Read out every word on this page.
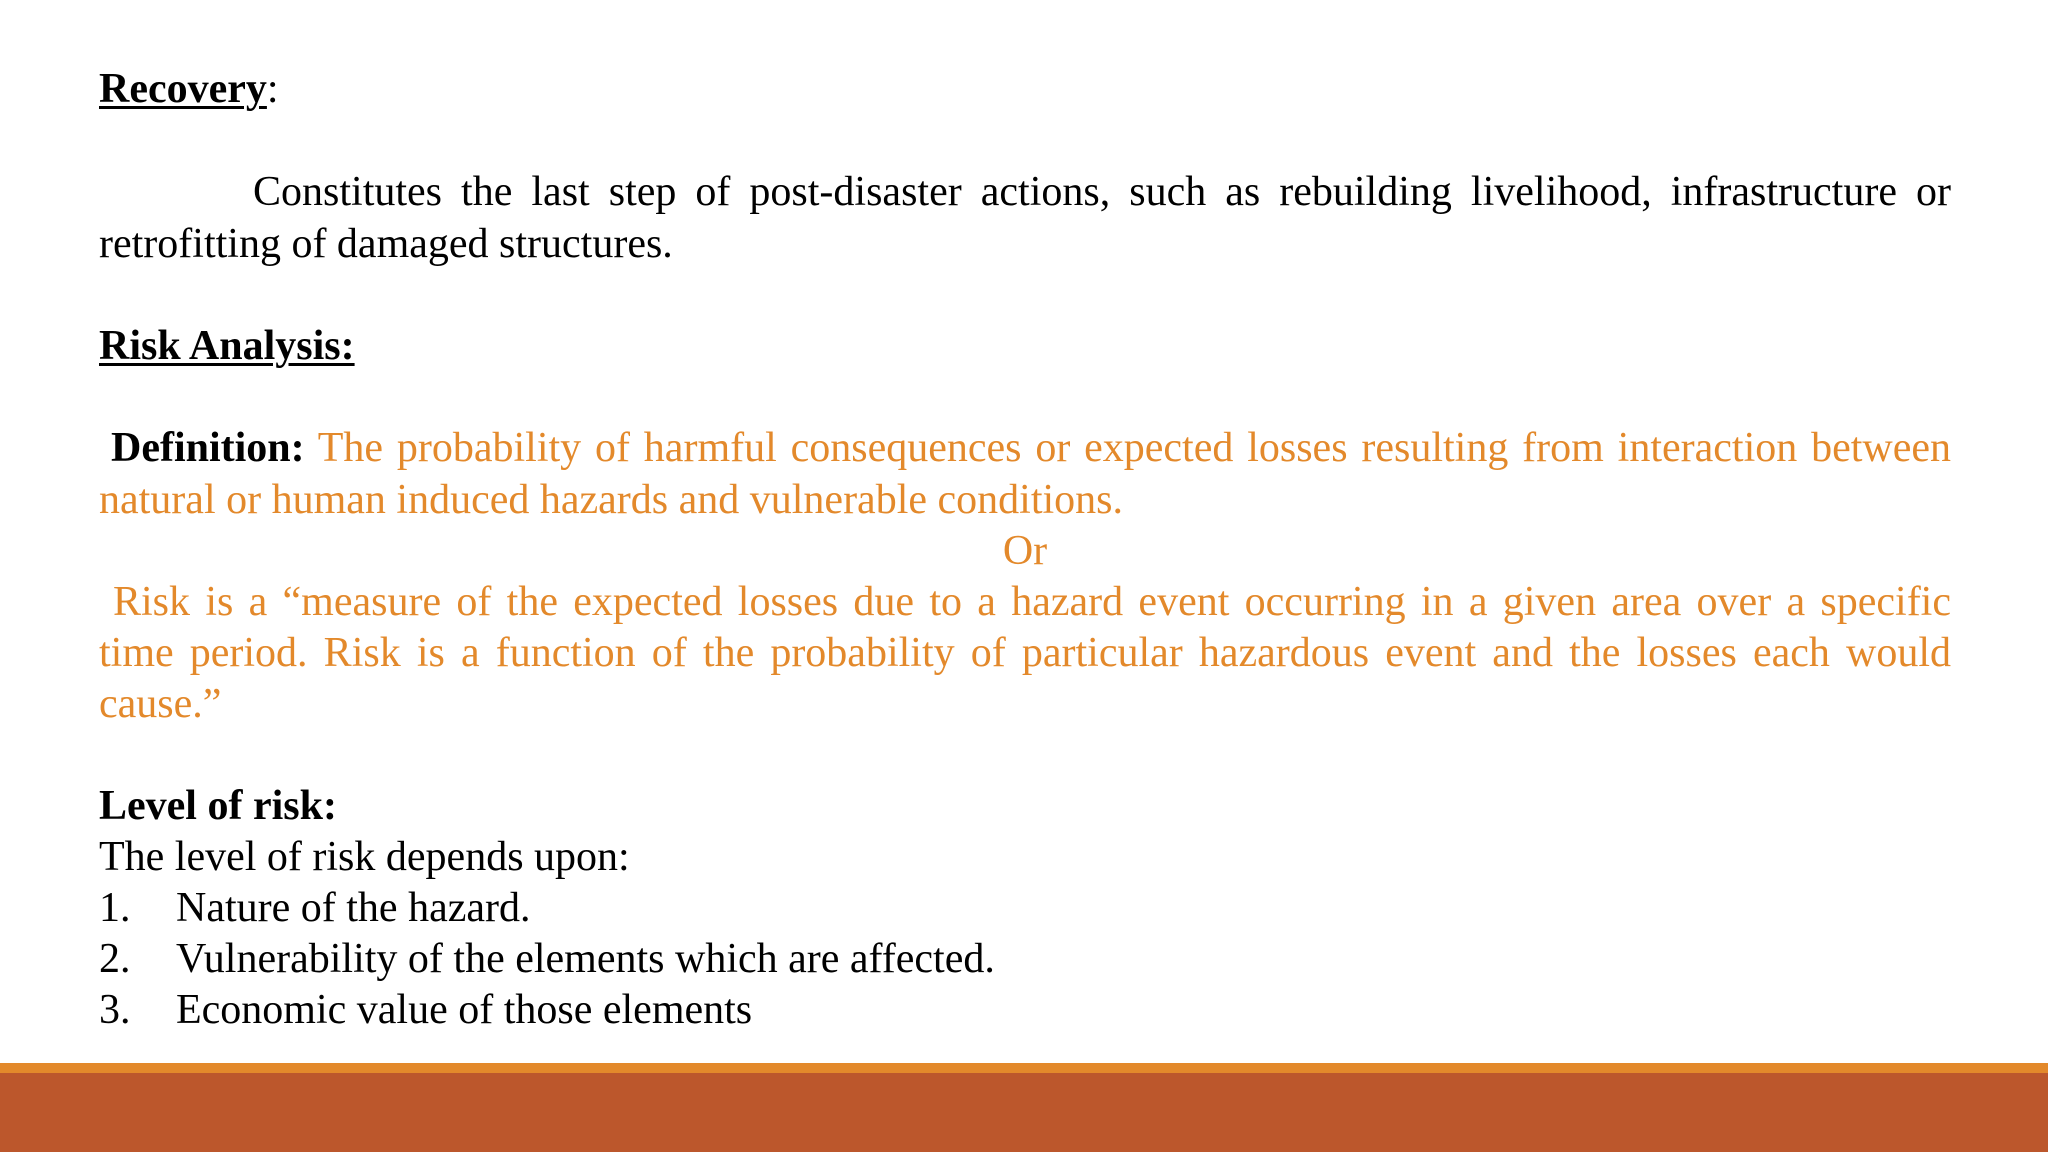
Recovery:
Constitutes the last step of post-disaster actions, such as rebuilding livelihood, infrastructure or
retrofitting of damaged structures.
Risk Analysis:
Definition: The probability of harmful consequences or expected losses resulting from interaction between
natural or human induced hazards and vulnerable conditions.
Or
Risk is a “measure of the expected losses due to a hazard event occurring in a given area over a specific
time period. Risk is a function of the probability of particular hazardous event and the losses each would
cause.”
Level of risk:
The level of risk depends upon:
1. Nature of the hazard.
2. Vulnerability of the elements which are affected.
3. Economic value of those elements
